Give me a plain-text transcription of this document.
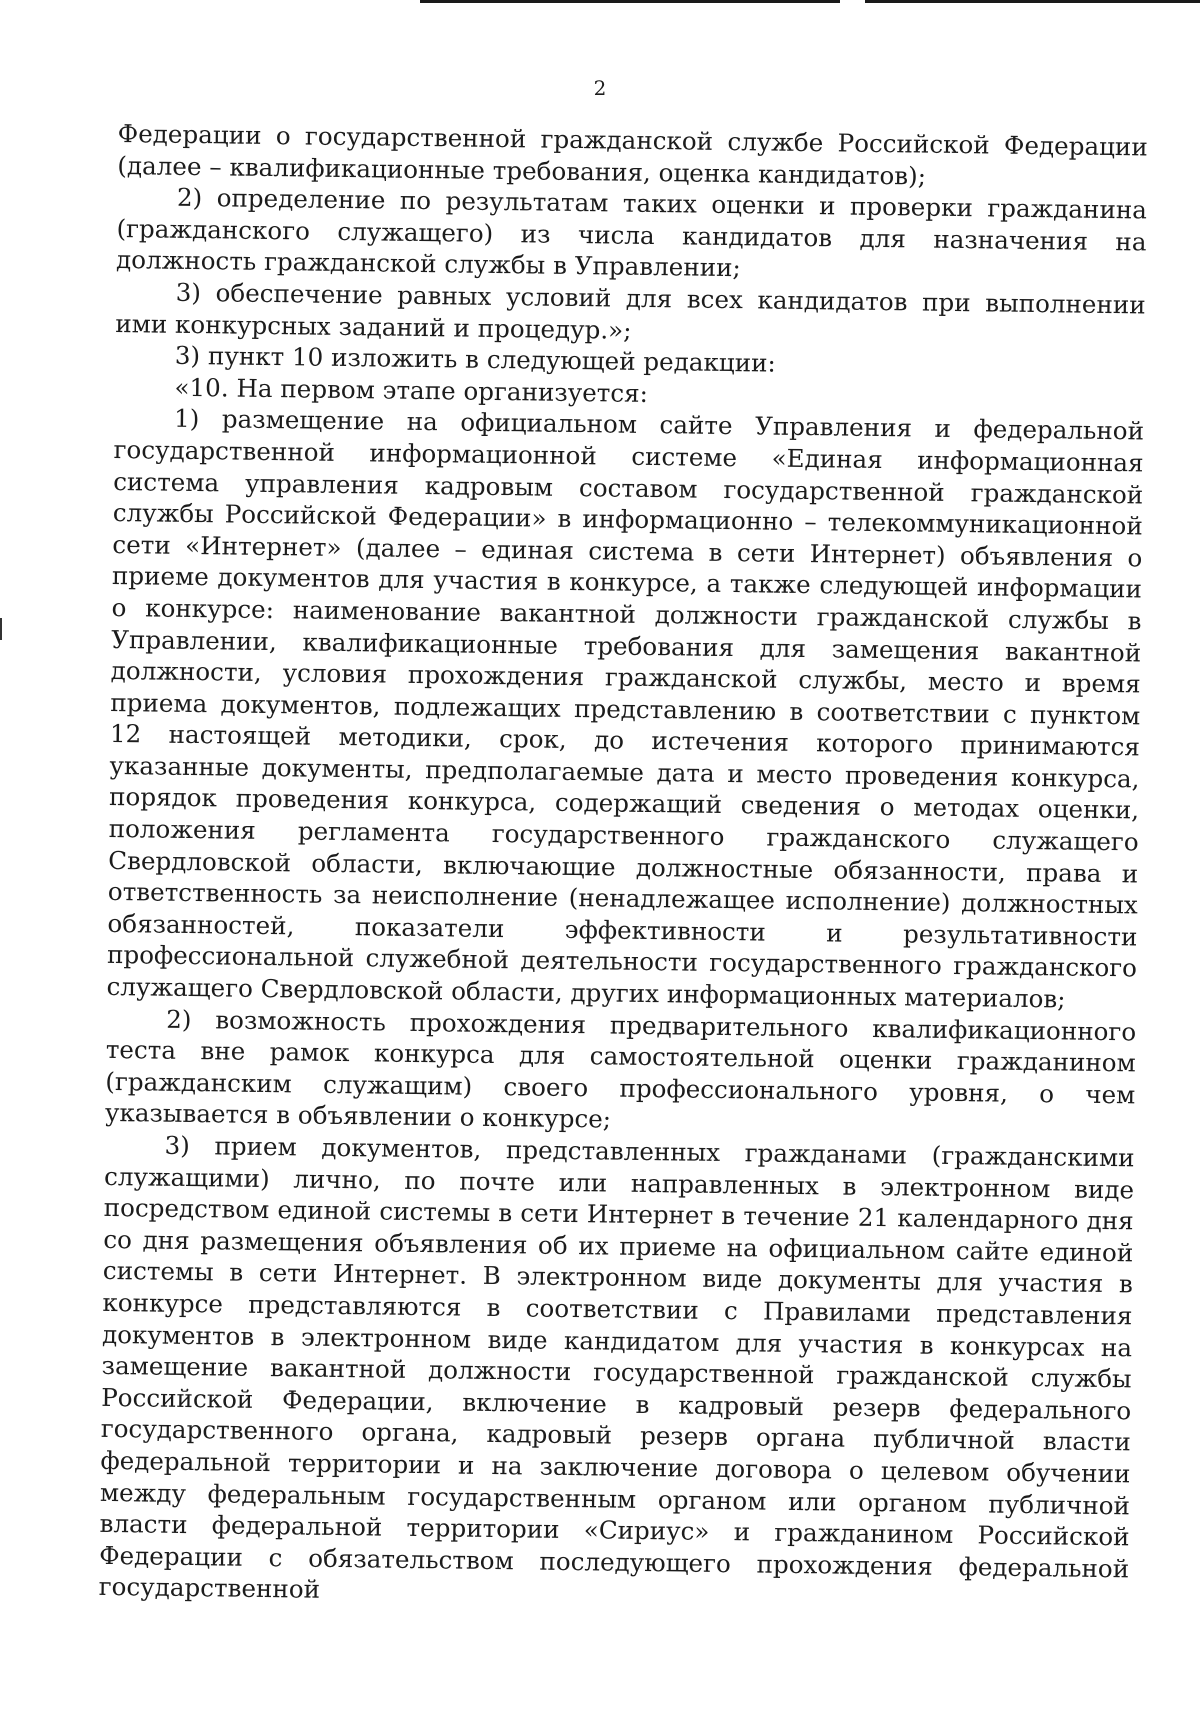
2

Федерации о государственной гражданской службе Российской Федерации (далее – квалификационные требования, оценка кандидатов);

2) определение по результатам таких оценки и проверки гражданина (гражданского служащего) из числа кандидатов для назначения на должность гражданской службы в Управлении;

3) обеспечение равных условий для всех кандидатов при выполнении ими конкурсных заданий и процедур.»;

3) пункт 10 изложить в следующей редакции:

«10. На первом этапе организуется:

1) размещение на официальном сайте Управления и федеральной государственной информационной системе «Единая информационная система управления кадровым составом государственной гражданской службы Российской Федерации» в информационно – телекоммуникационной сети «Интернет» (далее – единая система в сети Интернет) объявления о приеме документов для участия в конкурсе, а также следующей информации о конкурсе: наименование вакантной должности гражданской службы в Управлении, квалификационные требования для замещения вакантной должности, условия прохождения гражданской службы, место и время приема документов, подлежащих представлению в соответствии с пунктом 12 настоящей методики, срок, до истечения которого принимаются указанные документы, предполагаемые дата и место проведения конкурса, порядок проведения конкурса, содержащий сведения о методах оценки, положения регламента государственного гражданского служащего Свердловской области, включающие должностные обязанности, права и ответственность за неисполнение (ненадлежащее исполнение) должностных обязанностей, показатели эффективности и результативности профессиональной служебной деятельности государственного гражданского служащего Свердловской области, других информационных материалов;

2) возможность прохождения предварительного квалификационного теста вне рамок конкурса для самостоятельной оценки гражданином (гражданским служащим) своего профессионального уровня, о чем указывается в объявлении о конкурсе;

3) прием документов, представленных гражданами (гражданскими служащими) лично, по почте или направленных в электронном виде посредством единой системы в сети Интернет в течение 21 календарного дня со дня размещения объявления об их приеме на официальном сайте единой системы в сети Интернет. В электронном виде документы для участия в конкурсе представляются в соответствии с Правилами представления документов в электронном виде кандидатом для участия в конкурсах на замещение вакантной должности государственной гражданской службы Российской Федерации, включение в кадровый резерв федерального государственного органа, кадровый резерв органа публичной власти федеральной территории и на заключение договора о целевом обучении между федеральным государственным органом или органом публичной власти федеральной территории «Сириус» и гражданином Российской Федерации с обязательством последующего прохождения федеральной государственной
